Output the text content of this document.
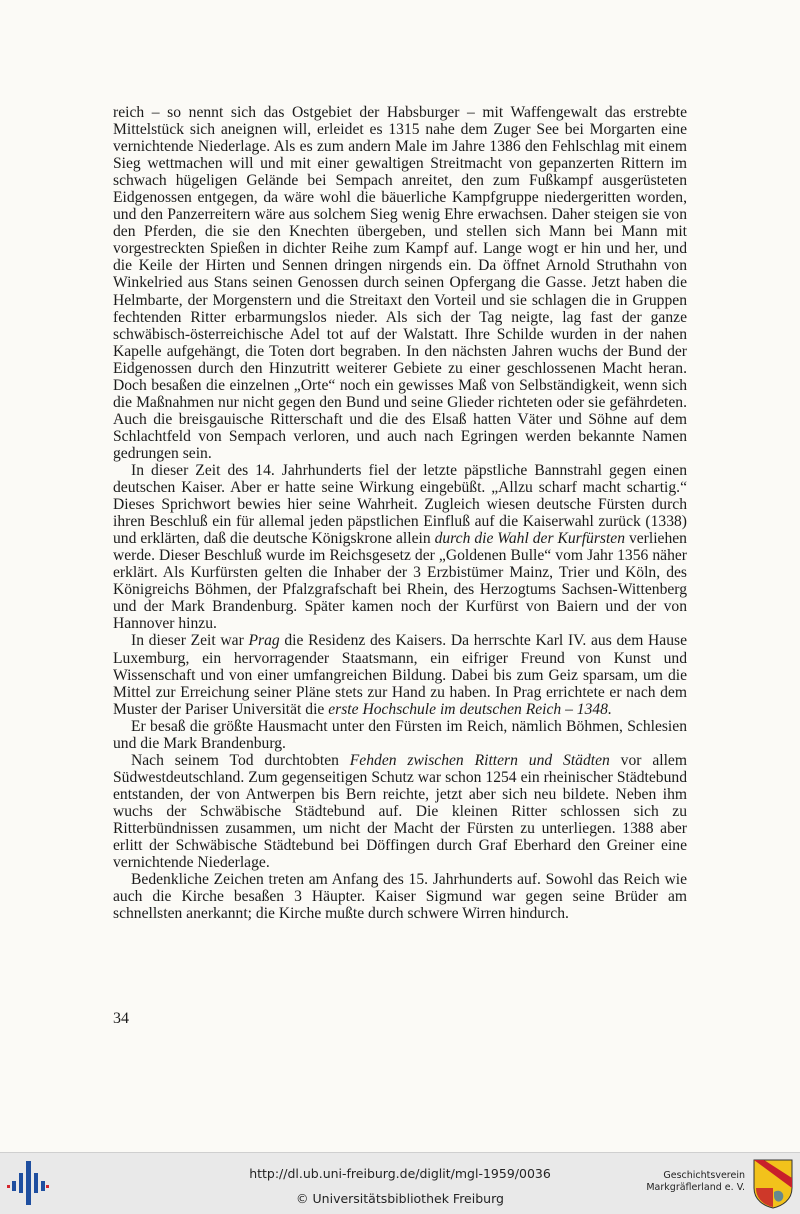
reich – so nennt sich das Ostgebiet der Habsburger – mit Waffengewalt das erstrebte Mittelstück sich aneignen will, erleidet es 1315 nahe dem Zuger See bei Morgarten eine vernichtende Niederlage. Als es zum andern Male im Jahre 1386 den Fehlschlag mit einem Sieg wettmachen will und mit einer gewaltigen Streitmacht von gepanzerten Rittern im schwach hügeligen Gelände bei Sempach anreitet, den zum Fußkampf ausgerüsteten Eidgenossen entgegen, da wäre wohl die bäuerliche Kampfgruppe niedergeritten worden, und den Panzerreitern wäre aus solchem Sieg wenig Ehre erwachsen. Daher steigen sie von den Pferden, die sie den Knechten übergeben, und stellen sich Mann bei Mann mit vorgestreckten Spießen in dichter Reihe zum Kampf auf. Lange wogt er hin und her, und die Keile der Hirten und Sennen dringen nirgends ein. Da öffnet Arnold Struthahn von Winkelried aus Stans seinen Genossen durch seinen Opfergang die Gasse. Jetzt haben die Helmbarte, der Morgenstern und die Streitaxt den Vorteil und sie schlagen die in Gruppen fechtenden Ritter erbarmungslos nieder. Als sich der Tag neigte, lag fast der ganze schwäbisch-österreichische Adel tot auf der Walstatt. Ihre Schilde wurden in der nahen Kapelle aufgehängt, die Toten dort begraben. In den nächsten Jahren wuchs der Bund der Eidgenossen durch den Hinzutritt weiterer Gebiete zu einer geschlossenen Macht heran. Doch besaßen die einzelnen „Orte“ noch ein gewisses Maß von Selbständigkeit, wenn sich die Maßnahmen nur nicht gegen den Bund und seine Glieder richteten oder sie gefährdeten. Auch die breisgauische Ritterschaft und die des Elsaß hatten Väter und Söhne auf dem Schlachtfeld von Sempach verloren, und auch nach Egringen werden bekannte Namen gedrungen sein.

In dieser Zeit des 14. Jahrhunderts fiel der letzte päpstliche Bannstrahl gegen einen deutschen Kaiser. Aber er hatte seine Wirkung eingebüßt. „Allzu scharf macht schartig.“ Dieses Sprichwort bewies hier seine Wahrheit. Zugleich wiesen deutsche Fürsten durch ihren Beschluß ein für allemal jeden päpstlichen Einfluß auf die Kaiserwahl zurück (1338) und erklärten, daß die deutsche Königskrone allein durch die Wahl der Kurfürsten verliehen werde. Dieser Beschluß wurde im Reichsgesetz der „Goldenen Bulle“ vom Jahr 1356 näher erklärt. Als Kurfürsten gelten die Inhaber der 3 Erzbistümer Mainz, Trier und Köln, des Königreichs Böhmen, der Pfalzgrafschaft bei Rhein, des Herzogtums Sachsen-Wittenberg und der Mark Brandenburg. Später kamen noch der Kurfürst von Baiern und der von Hannover hinzu.

In dieser Zeit war Prag die Residenz des Kaisers. Da herrschte Karl IV. aus dem Hause Luxemburg, ein hervorragender Staatsmann, ein eifriger Freund von Kunst und Wissenschaft und von einer umfangreichen Bildung. Dabei bis zum Geiz sparsam, um die Mittel zur Erreichung seiner Pläne stets zur Hand zu haben. In Prag errichtete er nach dem Muster der Pariser Universität die erste Hochschule im deutschen Reich – 1348.

Er besaß die größte Hausmacht unter den Fürsten im Reich, nämlich Böhmen, Schlesien und die Mark Brandenburg.

Nach seinem Tod durchtobten Fehden zwischen Rittern und Städten vor allem Südwestdeutschland. Zum gegenseitigen Schutz war schon 1254 ein rheinischer Städtebund entstanden, der von Antwerpen bis Bern reichte, jetzt aber sich neu bildete. Neben ihm wuchs der Schwäbische Städtebund auf. Die kleinen Ritter schlossen sich zu Ritterbündnissen zusammen, um nicht der Macht der Fürsten zu unterliegen. 1388 aber erlitt der Schwäbische Städtebund bei Döffingen durch Graf Eberhard den Greiner eine vernichtende Niederlage.

Bedenkliche Zeichen treten am Anfang des 15. Jahrhunderts auf. Sowohl das Reich wie auch die Kirche besaßen 3 Häupter. Kaiser Sigmund war gegen seine Brüder am schnellsten anerkannt; die Kirche mußte durch schwere Wirren hindurch.

34
http://dl.ub.uni-freiburg.de/diglit/mgl-1959/0036
© Universitätsbibliothek Freiburg
Geschichtsverein
Markgräflerland e. V.
